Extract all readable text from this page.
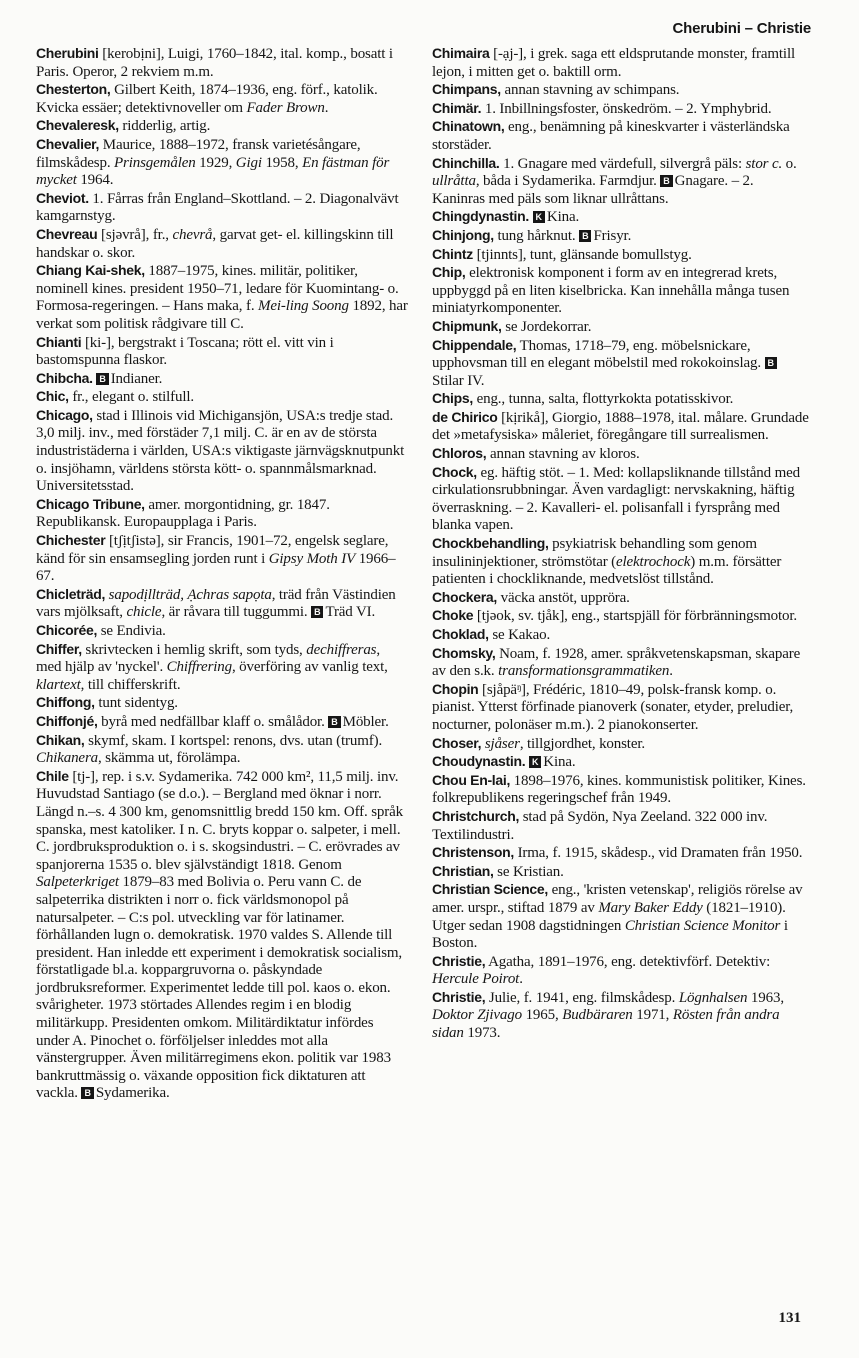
Cherubini – Christie

Cherubini [kerobịni], Luigi, 1760–1842, ital. komp., bosatt i Paris. Operor, 2 rekviem m.m.

Chesterton, Gilbert Keith, 1874–1936, eng. förf., katolik. Kvicka essäer; detektivnoveller om Fader Brown.

Chevaleresk, ridderlig, artig.

Chevalier, Maurice, 1888–1972, fransk varietésångare, filmskådesp. Prinsgemålen 1929, Gigi 1958, En fästman för mycket 1964.

Cheviot. 1. Fårras från England–Skottland. – 2. Diagonalvävt kamgarnstyg.

Chevreau [sjəvrå], fr., chevrå, garvat get- el. killingskinn till handskar o. skor.

Chiang Kai-shek, 1887–1975, kines. militär, politiker, nominell kines. president 1950–71, ledare för Kuomintang- o. Formosa-regeringen. – Hans maka, f. Mei-ling Soong 1892, har verkat som politisk rådgivare till C.

Chianti [ki-], bergstrakt i Toscana; rött el. vitt vin i bastomspunna flaskor.

Chibcha. B Indianer.

Chic, fr., elegant o. stilfull.

Chicago, stad i Illinois vid Michigansjön, USA:s tredje stad. 3,0 milj. inv., med förstäder 7,1 milj. C. är en av de största industristäderna i världen, USA:s viktigaste järnvägsknutpunkt o. insjöhamn, världens största kött- o. spannmålsmarknad. Universitetsstad.

Chicago Tribune, amer. morgontidning, gr. 1847. Republikansk. Europaupplaga i Paris.

Chichester [tʃịtʃistə], sir Francis, 1901–72, engelsk seglare, känd för sin ensamsegling jorden runt i Gipsy Moth IV 1966–67.

Chicleträd, sapodịllträd, Ạchras sapọta, träd från Västindien vars mjölksaft, chicle, är råvara till tuggummi. B Träd VI.

Chicorée, se Endivia.

Chiffer, skrivtecken i hemlig skrift, som tyds, dechiffreras, med hjälp av 'nyckel'. Chiffrering, överföring av vanlig text, klartext, till chifferskrift.

Chiffong, tunt sidentyg.

Chiffonjé, byrå med nedfällbar klaff o. smålådor. B Möbler.

Chikan, skymf, skam. I kortspel: renons, dvs. utan (trumf). Chikanera, skämma ut, förolämpa.

Chile [tj-], rep. i s.v. Sydamerika. 742 000 km², 11,5 milj. inv. Huvudstad Santiago (se d.o.). – Bergland med öknar i norr. Längd n.–s. 4 300 km, genomsnittlig bredd 150 km. Off. språk spanska, mest katoliker. I n. C. bryts koppar o. salpeter, i mell. C. jordbruksproduktion o. i s. skogsindustri. – C. erövrades av spanjorerna 1535 o. blev självständigt 1818. Genom Salpeterkriget 1879–83 med Bolivia o. Peru vann C. de salpeterrika distrikten i norr o. fick världsmonopol på natursalpeter. – C:s pol. utveckling var för latinamer. förhållanden lugn o. demokratisk. 1970 valdes S. Allende till president. Han inledde ett experiment i demokratisk socialism, förstatligade bl.a. koppargruvorna o. påskyndade jordbruksreformer. Experimentet ledde till pol. kaos o. ekon. svårigheter. 1973 störtades Allendes regim i en blodig militärkupp. Presidenten omkom. Militärdiktatur infördes under A. Pinochet o. förföljelser inleddes mot alla vänstergrupper. Även militärregimens ekon. politik var 1983 bankruttmässig o. växande opposition fick diktaturen att vackla. B Sydamerika.

Chimaira [-ạj-], i grek. saga ett eldsprutande monster, framtill lejon, i mitten get o. baktill orm.

Chimpans, annan stavning av schimpans.

Chimär. 1. Inbillningsfoster, önskedröm. – 2. Ymphybrid.

Chinatown, eng., benämning på kineskvarter i västerländska storstäder.

Chinchilla. 1. Gnagare med värdefull, silvergrå päls: stor c. o. ullråtta, båda i Sydamerika. Farmdjur. B Gnagare. – 2. Kaninras med päls som liknar ullråttans.

Chingdynastin. K Kina.

Chinjong, tung hårknut. B Frisyr.

Chintz [tjinnts], tunt, glänsande bomullstyg.

Chip, elektronisk komponent i form av en integrerad krets, uppbyggd på en liten kiselbricka. Kan innehålla många tusen miniatyrkomponenter.

Chipmunk, se Jordekorrar.

Chippendale, Thomas, 1718–79, eng. möbelsnickare, upphovsman till en elegant möbelstil med rokokoinslag. BStilar IV.

Chips, eng., tunna, salta, flottyrkokta potatisskivor.

de Chirico [kịrikå], Giorgio, 1888–1978, ital. målare. Grundade det »metafysiska» måleriet, föregångare till surrealismen.

Chloros, annan stavning av kloros.

Chock, eg. häftig stöt. – 1. Med: kollapsliknande tillstånd med cirkulationsrubbningar. Även vardagligt: nervskakning, häftig överraskning. – 2. Kavalleri- el. polisanfall i fyrsprång med blanka vapen.

Chockbehandling, psykiatrisk behandling som genom insulininjektioner, strömstötar (elektrochock) m.m. försätter patienten i chockliknande, medvetslöst tillstånd.

Chockera, väcka anstöt, uppröra.

Choke [tjəok, sv. tjåk], eng., startspjäll för förbränningsmotor.

Choklad, se Kakao.

Chomsky, Noam, f. 1928, amer. språkvetenskapsman, skapare av den s.k. transformationsgrammatiken.

Chopin [sjåpäᵑ], Frédéric, 1810–49, polsk-fransk komp. o. pianist. Ytterst förfinade pianoverk (sonater, etyder, preludier, nocturner, polonäser m.m.). 2 pianokonserter.

Choser, sjåser, tillgjordhet, konster.

Choudynastin. K Kina.

Chou En-lai, 1898–1976, kines. kommunistisk politiker, Kines. folkrepublikens regeringschef från 1949.

Christchurch, stad på Sydön, Nya Zeeland. 322 000 inv. Textilindustri.

Christenson, Irma, f. 1915, skådesp., vid Dramaten från 1950.

Christian, se Kristian.

Christian Science, eng., 'kristen vetenskap', religiös rörelse av amer. urspr., stiftad 1879 av Mary Baker Eddy (1821–1910). Utger sedan 1908 dagstidningen Christian Science Monitor i Boston.

Christie, Agatha, 1891–1976, eng. detektivförf. Detektiv: Hercule Poirot.

Christie, Julie, f. 1941, eng. filmskådesp. Lögnhalsen 1963, Doktor Zjivago 1965, Budbäraren 1971, Rösten från andra sidan 1973.

131
